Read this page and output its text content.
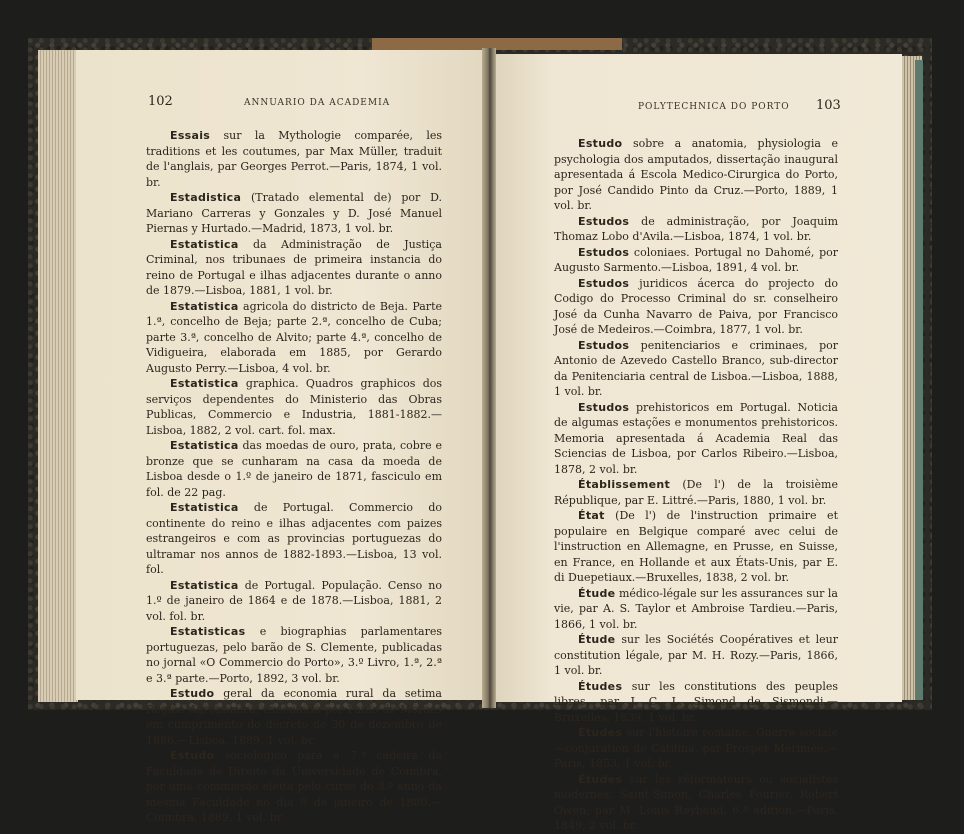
102	ANNUARIO DA ACADEMIA

Essais sur la Mythologie comparée, les traditions et les coutumes, par Max Müller, traduit de l'anglais, par Georges Perrot.—Paris, 1874, 1 vol. br.

Estadistica (Tratado elemental de) por D. Mariano Carreras y Gonzales y D. José Manuel Piernas y Hurtado.—Madrid, 1873, 1 vol. br.

Estatistica da Administração de Justiça Criminal, nos tribunaes de primeira instancia do reino de Portugal e ilhas adjacentes durante o anno de 1879.—Lisboa, 1881, 1 vol. br.

Estatistica agricola do districto de Beja. Parte 1.ª, concelho de Beja; parte 2.ª, concelho de Cuba; parte 3.ª, concelho de Alvito; parte 4.ª, concelho de Vidigueira, elaborada em 1885, por Gerardo Augusto Perry.—Lisboa, 4 vol. br.

Estatistica graphica. Quadros graphicos dos serviços dependentes do Ministerio das Obras Publicas, Commercio e Industria, 1881-1882.—Lisboa, 1882, 2 vol. cart. fol. max.

Estatistica das moedas de ouro, prata, cobre e bronze que se cunharam na casa da moeda de Lisboa desde o 1.º de janeiro de 1871, fasciculo em fol. de 22 pag.

Estatistica de Portugal. Commercio do continente do reino e ilhas adjacentes com paizes estrangeiros e com as provincias portuguezas do ultramar nos annos de 1882-1893.—Lisboa, 13 vol. fol.

Estatistica de Portugal. População. Censo no 1.º de janeiro de 1864 e de 1878.—Lisboa, 1881, 2 vol. fol. br.

Estatisticas e biographias parlamentares portuguezas, pelo barão de S. Clemente, publicadas no jornal «O Commercio do Porto», 3.º Livro, 1.ª, 2.ª e 3.ª parte.—Porto, 1892, 3 vol. br.

Estudo geral da economia rural da setima Região Agronomica, executado por Paulo de Moraes em cumprimento do decreto de 30 de dezembro de 1886.—Lisboa, 1889, 1 vol. br.

Estudo sociologico para a 7.ª cadeira da Faculdade de Direito da Universidade de Coimbra, por uma commissão eleita pelo curso do 3.º anno da mesma Faculdade no dia 9 de janeiro de 1880.—Coimbra, 1889, 1 vol. br.

POLYTECHNICA DO PORTO 103

Estudo sobre a anatomia, physiologia e psychologia dos amputados, dissertação inaugural apresentada á Escola Medico-Cirurgica do Porto, por José Candido Pinto da Cruz.—Porto, 1889, 1 vol. br.

Estudos de administração, por Joaquim Thomaz Lobo d'Avila.—Lisboa, 1874, 1 vol. br.

Estudos coloniaes. Portugal no Dahomé, por Augusto Sarmento.—Lisboa, 1891, 4 vol. br.

Estudos juridicos ácerca do projecto do Codigo do Processo Criminal do sr. conselheiro José da Cunha Navarro de Paiva, por Francisco José de Medeiros.—Coimbra, 1877, 1 vol. br.

Estudos penitenciarios e criminaes, por Antonio de Azevedo Castello Branco, sub-director da Penitenciaria central de Lisboa.—Lisboa, 1888, 1 vol. br.

Estudos prehistoricos em Portugal. Noticia de algumas estações e monumentos prehistoricos. Memoria apresentada á Academia Real das Sciencias de Lisboa, por Carlos Ribeiro.—Lisboa, 1878, 2 vol. br.

Établissement (De l') de la troisième République, par E. Littré.—Paris, 1880, 1 vol. br.

État (De l') de l'instruction primaire et populaire en Belgique comparé avec celui de l'instruction en Allemagne, en Prusse, en Suisse, en France, en Hollande et aux États-Unis, par E. di Duepetiaux.—Bruxelles, 1838, 2 vol. br.

Étude médico-légale sur les assurances sur la vie, par A. S. Taylor et Ambroise Tardieu.—Paris, 1866, 1 vol. br.

Étude sur les Sociétés Coopératives et leur constitution légale, par M. H. Rozy.—Paris, 1866, 1 vol. br.

Études sur les constitutions des peuples libres, par J. C. L. Simond de Sismondi.—Bruxelles, 1839, 1 vol. br.

Études sur l'histoire romaine. Guerre sociale—conjuration de Catilina, par Prosper Mérimée.—Paris, 1853, 1 vol. br.

Études sur les réformateurs ou socialistes modernes, Saint-Simon, Charles Fourier, Robert Owen; par M. Louis Reybaud, 6.ª edition.—Paris, 1849, 2 vol. br.
